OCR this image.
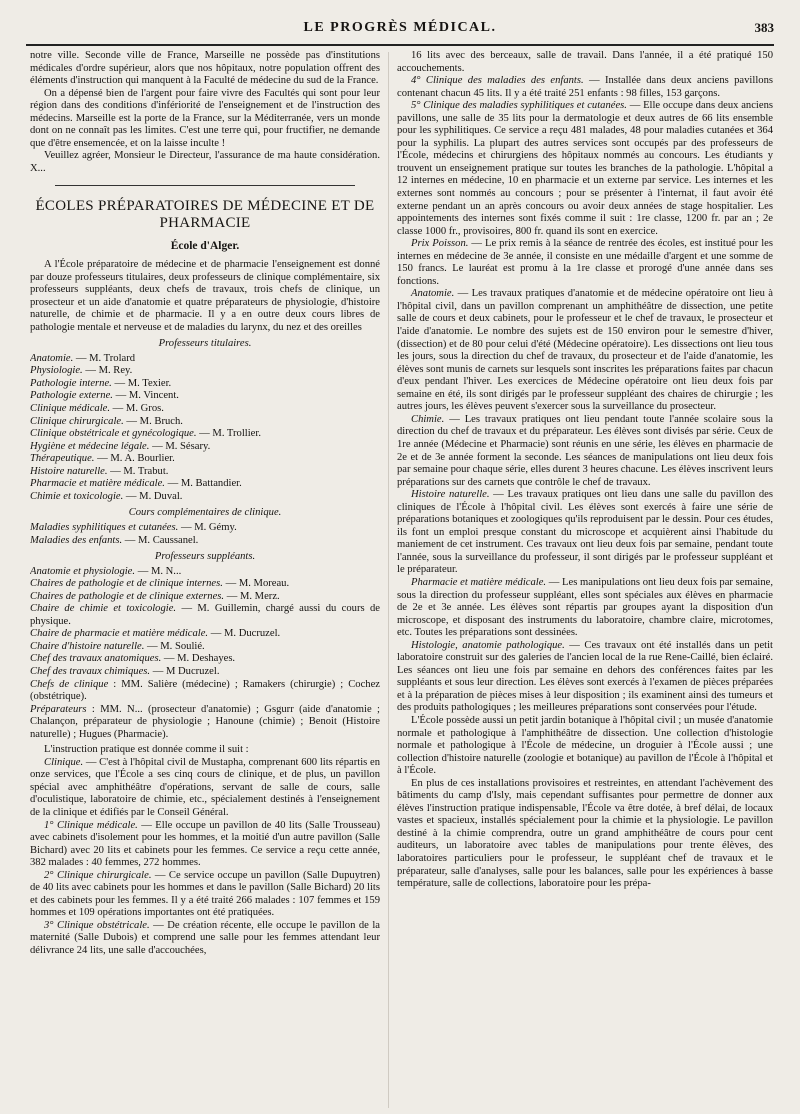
LE PROGRÈS MÉDICAL.	383

notre ville. Seconde ville de France, Marseille ne possède pas d'institutions médicales d'ordre supérieur, alors que nos hôpitaux, notre population offrent des éléments d'instruction qui manquent à la Faculté de médecine du sud de la France.

On a dépensé bien de l'argent pour faire vivre des Facultés qui sont pour leur région dans des conditions d'infériorité de l'enseignement et de l'instruction des médecins. Marseille est la porte de la France, sur la Méditerranée, vers un monde dont on ne connaît pas les limites. C'est une terre qui, pour fructifier, ne demande que d'être ensemencée, et on la laisse inculte !

Veuillez agréer, Monsieur le Directeur, l'assurance de ma haute considération. X...

ÉCOLES PRÉPARATOIRES DE MÉDECINE ET DE PHARMACIE
École d'Alger.

A l'École préparatoire de médecine et de pharmacie l'enseignement est donné par douze professeurs titulaires, deux professeurs de clinique complémentaire, six professeurs suppléants, deux chefs de travaux, trois chefs de clinique, un prosecteur et un aide d'anatomie et quatre préparateurs de physiologie, d'histoire naturelle, de chimie et de pharmacie. Il y a en outre deux cours libres de pathologie mentale et nerveuse et de maladies du larynx, du nez et des oreilles

Professeurs titulaires.

Anatomie. — M. Trolard

Physiologie. — M. Rey.

Pathologie interne. — M. Texier.

Pathologie externe. — M. Vincent.

Clinique médicale. — M. Gros.

Clinique chirurgicale. — M. Bruch.

Clinique obstétricale et gynécologique. — M. Trollier.

Hygiène et médecine légale. — M. Sésary.

Thérapeutique. — M. A. Bourlier.

Histoire naturelle. — M. Trabut.

Pharmacie et matière médicale. — M. Battandier.

Chimie et toxicologie. — M. Duval.

Cours complémentaires de clinique.

Maladies syphilitiques et cutanées. — M. Gémy.

Maladies des enfants. — M. Caussanel.

Professeurs suppléants.

Anatomie et physiologie. — M. N...

Chaires de pathologie et de clinique internes. — M. Moreau.

Chaires de pathologie et de clinique externes. — M. Merz.

Chaire de chimie et toxicologie. — M. Guillemin, chargé aussi du cours de physique.

Chaire de pharmacie et matière médicale. — M. Ducruzel.

Chaire d'histoire naturelle. — M. Soulié.

Chef des travaux anatomiques. — M. Deshayes.

Chef des travaux chimiques. — M Ducruzel.

Chefs de clinique : MM. Salière (médecine) ; Ramakers (chirurgie) ; Cochez (obstétrique).

Préparateurs : MM. N... (prosecteur d'anatomie) ; Gsgurr (aide d'anatomie ; Chalançon, préparateur de physiologie ; Hanoune (chimie) ; Benoit (Histoire naturelle) ; Hugues (Pharmacie).

L'instruction pratique est donnée comme il suit :

Clinique. — C'est à l'hôpital civil de Mustapha, comprenant 600 lits répartis en onze services, que l'École a ses cinq cours de clinique, et de plus, un pavillon spécial avec amphithéâtre d'opérations, servant de salle de cours, salle d'oculistique, laboratoire de chimie, etc., spécialement destinés à l'enseignement de la clinique et édifiés par le Conseil Général.

1° Clinique médicale. — Elle occupe un pavillon de 40 lits (Salle Trousseau) avec cabinets d'isolement pour les hommes, et la moitié d'un autre pavillon (Salle Bichard) avec 20 lits et cabinets pour les femmes. Ce service a reçu cette année, 382 malades : 40 femmes, 272 hommes.

2° Clinique chirurgicale. — Ce service occupe un pavillon (Salle Dupuytren) de 40 lits avec cabinets pour les hommes et dans le pavillon (Salle Bichard) 20 lits et des cabinets pour les femmes. Il y a été traité 266 malades : 107 femmes et 159 hommes et 109 opérations importantes ont été pratiquées.

3° Clinique obstétricale. — De création récente, elle occupe le pavillon de la maternité (Salle Dubois) et comprend une salle pour les femmes attendant leur délivrance 24 lits, une salle d'accouchées,

16 lits avec des berceaux, salle de travail. Dans l'année, il a été pratiqué 150 accouchements.

4° Clinique des maladies des enfants. — Installée dans deux anciens pavillons contenant chacun 45 lits. Il y a été traité 251 enfants : 98 filles, 153 garçons.

5° Clinique des maladies syphilitiques et cutanées. — Elle occupe dans deux anciens pavillons, une salle de 35 lits pour la dermatologie et deux autres de 66 lits ensemble pour les syphilitiques. Ce service a reçu 481 malades, 48 pour maladies cutanées et 364 pour la syphilis. La plupart des autres services sont occupés par des professeurs de l'École, médecins et chirurgiens des hôpitaux nommés au concours. Les étudiants y trouvent un enseignement pratique sur toutes les branches de la pathologie. L'hôpital a 12 internes en médecine, 10 en pharmacie et un externe par service. Les internes et les externes sont nommés au concours ; pour se présenter à l'internat, il faut avoir été externe pendant un an après concours ou avoir deux années de stage hospitalier. Les appointements des internes sont fixés comme il suit : 1re classe, 1200 fr. par an ; 2e classe 1000 fr., provisoires, 800 fr. quand ils sont en exercice.

Prix Poisson. — Le prix remis à la séance de rentrée des écoles, est institué pour les internes en médecine de 3e année, il consiste en une médaille d'argent et une somme de 150 francs. Le lauréat est promu à la 1re classe et prorogé d'une année dans ses fonctions.

Anatomie. — Les travaux pratiques d'anatomie et de médecine opératoire ont lieu à l'hôpital civil, dans un pavillon comprenant un amphithéâtre de dissection, une petite salle de cours et deux cabinets, pour le professeur et le chef de travaux, le prosecteur et l'aide d'anatomie. Le nombre des sujets est de 150 environ pour le semestre d'hiver, (dissection) et de 80 pour celui d'été (Médecine opératoire). Les dissections ont lieu tous les jours, sous la direction du chef de travaux, du prosecteur et de l'aide d'anatomie, les élèves sont munis de carnets sur lesquels sont inscrites les préparations faites par chacun d'eux pendant l'hiver. Les exercices de Médecine opératoire ont lieu deux fois par semaine en été, ils sont dirigés par le professeur suppléant des chaires de chirurgie ; les autres jours, les élèves peuvent s'exercer sous la surveillance du prosecteur.

Chimie. — Les travaux pratiques ont lieu pendant toute l'année scolaire sous la direction du chef de travaux et du préparateur. Les élèves sont divisés par série. Ceux de 1re année (Médecine et Pharmacie) sont réunis en une série, les élèves en pharmacie de 2e et de 3e année forment la seconde. Les séances de manipulations ont lieu deux fois par semaine pour chaque série, elles durent 3 heures chacune. Les élèves inscrivent leurs préparations sur des carnets que contrôle le chef de travaux.

Histoire naturelle. — Les travaux pratiques ont lieu dans une salle du pavillon des cliniques de l'École à l'hôpital civil. Les élèves sont exercés à faire une série de préparations botaniques et zoologiques qu'ils reproduisent par le dessin. Pour ces études, ils font un emploi presque constant du microscope et acquièrent ainsi l'habitude du maniement de cet instrument. Ces travaux ont lieu deux fois par semaine, pendant toute l'année, sous la surveillance du professeur, il sont dirigés par le professeur suppléant et le préparateur.

Pharmacie et matière médicale. — Les manipulations ont lieu deux fois par semaine, sous la direction du professeur suppléant, elles sont spéciales aux élèves en pharmacie de 2e et 3e année. Les élèves sont répartis par groupes ayant la disposition d'un microscope, et disposant des instruments du laboratoire, chambre claire, microtomes, etc. Toutes les préparations sont dessinées.

Histologie, anatomie pathologique. — Ces travaux ont été installés dans un petit laboratoire construit sur des galeries de l'ancien local de la rue Rene-Caillé, bien éclairé. Les séances ont lieu une fois par semaine en dehors des conférences faites par les suppléants et sous leur direction. Les élèves sont exercés à l'examen de pièces préparées et à la préparation de pièces mises à leur disposition ; ils examinent ainsi des tumeurs et des produits pathologiques ; les meilleures préparations sont conservées pour l'étude.

L'École possède aussi un petit jardin botanique à l'hôpital civil ; un musée d'anatomie normale et pathologique à l'amphithéâtre de dissection. Une collection d'histologie normale et pathologique à l'École de médecine, un droguier à l'École aussi ; une collection d'histoire naturelle (zoologie et botanique) au pavillon de l'École à l'hôpital et à l'École.

En plus de ces installations provisoires et restreintes, en attendant l'achèvement des bâtiments du camp d'Isly, mais cependant suffisantes pour permettre de donner aux élèves l'instruction pratique indispensable, l'École va être dotée, à bref délai, de locaux vastes et spacieux, installés spécialement pour la chimie et la physiologie. Le pavillon destiné à la chimie comprendra, outre un grand amphithéâtre de cours pour cent auditeurs, un laboratoire avec tables de manipulations pour trente élèves, des laboratoires particuliers pour le professeur, le suppléant chef de travaux et le préparateur, salle d'analyses, salle pour les balances, salle pour les expériences à basse température, salle de collections, laboratoire pour les prépa-
